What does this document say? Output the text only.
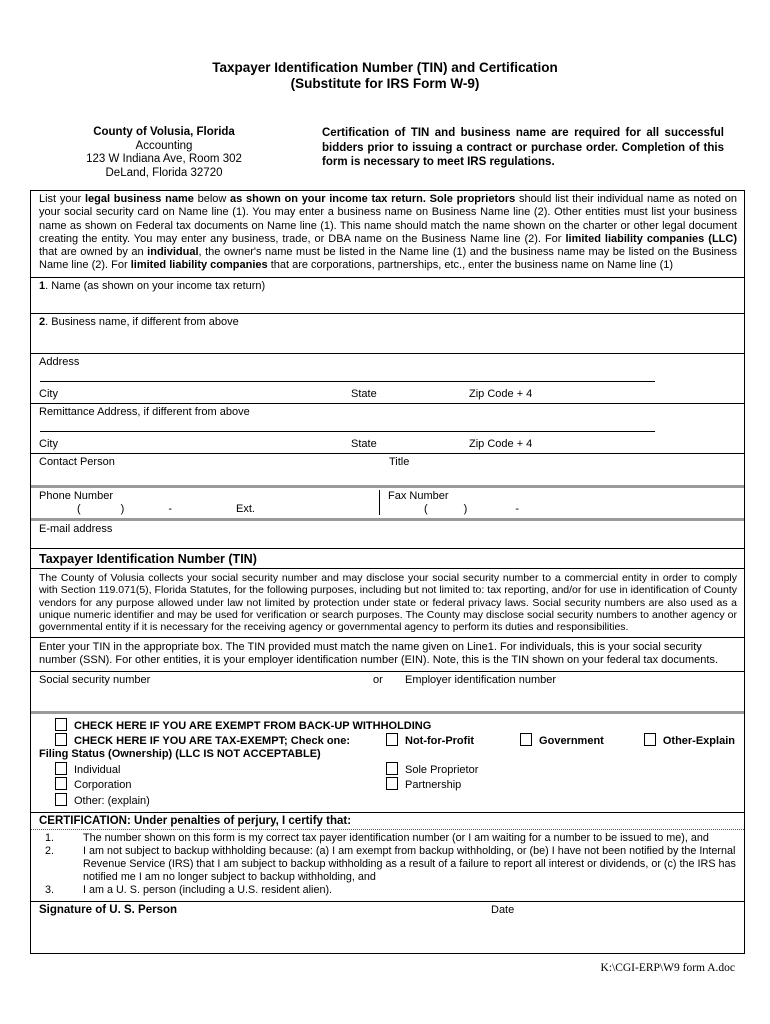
Taxpayer Identification Number (TIN) and Certification
(Substitute for IRS Form W-9)
County of Volusia, Florida
Accounting
123 W Indiana Ave, Room 302
DeLand, Florida 32720
Certification of TIN and business name are required for all successful bidders prior to issuing a contract or purchase order. Completion of this form is necessary to meet IRS regulations.
List your legal business name below as shown on your income tax return. Sole proprietors should list their individual name as noted on your social security card on Name line (1). You may enter a business name on Business Name line (2). Other entities must list your business name as shown on Federal tax documents on Name line (1). This name should match the name shown on the charter or other legal document creating the entity. You may enter any business, trade, or DBA name on the Business Name line (2). For limited liability companies (LLC) that are owned by an individual, the owner's name must be listed in the Name line (1) and the business name may be listed on the Business Name line (2). For limited liability companies that are corporations, partnerships, etc., enter the business name on Name line (1)
1. Name (as shown on your income tax return)
2. Business name, if different from above
Address
City	State	Zip Code + 4
Remittance Address, if different from above
City	State	Zip Code + 4
Contact Person	Title
Phone Number
(	)	-	Ext.
Fax Number
(	)	-
E-mail address
Taxpayer Identification Number (TIN)
The County of Volusia collects your social security number and may disclose your social security number to a commercial entity in order to comply with Section 119.071(5), Florida Statutes, for the following purposes, including but not limited to: tax reporting, and/or for use in identification of County vendors for any purpose allowed under law not limited by protection under state or federal privacy laws. Social security numbers are also used as a unique numeric identifier and may be used for verification or search purposes. The County may disclose social security numbers to another agency or governmental entity if it is necessary for the receiving agency or governmental agency to perform its duties and responsibilities.
Enter your TIN in the appropriate box. The TIN provided must match the name given on Line1. For individuals, this is your social security number (SSN). For other entities, it is your employer identification number (EIN). Note, this is the TIN shown on your federal tax documents.
Social security number	or	Employer identification number
CHECK HERE IF YOU ARE EXEMPT FROM BACK-UP WITHHOLDING
CHECK HERE IF YOU ARE TAX-EXEMPT; Check one:	Not-for-Profit	Government	Other-Explain
Filing Status (Ownership) (LLC IS NOT ACCEPTABLE)
Individual
Corporation
Other: (explain)
Sole Proprietor
Partnership
CERTIFICATION: Under penalties of perjury, I certify that:
1.	The number shown on this form is my correct tax payer identification number (or I am waiting for a number to be issued to me), and
2.	I am not subject to backup withholding because: (a) I am exempt from backup withholding, or (be) I have not been notified by the Internal Revenue Service (IRS) that I am subject to backup withholding as a result of a failure to report all interest or dividends, or (c) the IRS has notified me I am no longer subject to backup withholding, and
3.	I am a U. S. person (including a U.S. resident alien).
Signature of U. S. Person	Date
K:\CGI-ERP\W9 form A.doc
